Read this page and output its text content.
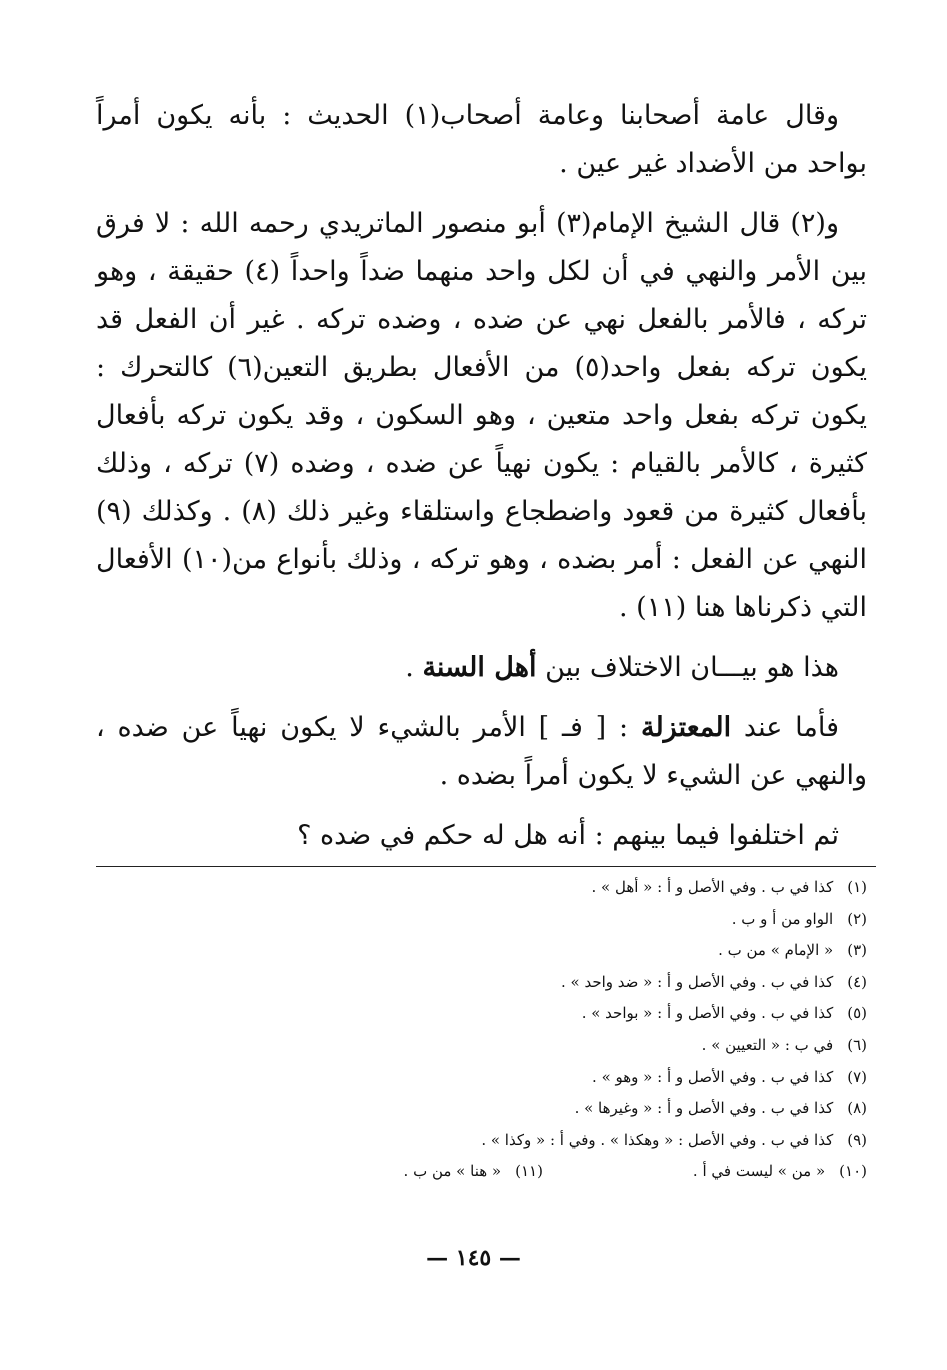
وقال عامة أصحابنا وعامة أصحاب(١) الحديث : بأنه يكون أمراً بواحد من الأضداد غير عين .

و(٢) قال الشيخ الإمام(٣) أبو منصور الماتريدي رحمه الله : لا فرق بين الأمر والنهي في أن لكل واحد منهما ضداً واحداً (٤) حقيقة ، وهو تركه ، فالأمر بالفعل نهي عن ضده ، وضده تركه . غير أن الفعل قد يكون تركه بفعل واحد(٥) من الأفعال بطريق التعين(٦) كالتحرك : يكون تركه بفعل واحد متعين ، وهو السكون ، وقد يكون تركه بأفعال كثيرة ، كالأمر بالقيام : يكون نهياً عن ضده ، وضده (٧) تركه ، وذلك بأفعال كثيرة من قعود واضطجاع واستلقاء وغير ذلك (٨) . وكذلك (٩) النهي عن الفعل : أمر بضده ، وهو تركه ، وذلك بأنواع من(١٠) الأفعال التي ذكرناها هنا (١١) .

هذا هو بيـــان الاختلاف بين أهل السنة .

فأما عند المعتزلة : [ فـ ] الأمر بالشيء لا يكون نهياً عن ضده ، والنهي عن الشيء لا يكون أمراً بضده .

ثم اختلفوا فيما بينهم : أنه هل له حكم في ضده ؟

(١)كذا في ب . وفي الأصل و أ : « أهل » .
(٢)الواو من أ و ب .
(٣)« الإمام » من ب .
(٤)كذا في ب . وفي الأصل و أ : « ضد واحد » .
(٥)كذا في ب . وفي الأصل و أ : « بواحد » .
(٦)في ب : « التعيين » .
(٧)كذا في ب . وفي الأصل و أ : « وهو » .
(٨)كذا في ب . وفي الأصل و أ : « وغيرها » .
(٩)كذا في ب . وفي الأصل : « وهكذا » . وفي أ : « وكذا » .
(١٠)« من » ليست في أ .
(١١)« هنا » من ب .
— ١٤٥ —
